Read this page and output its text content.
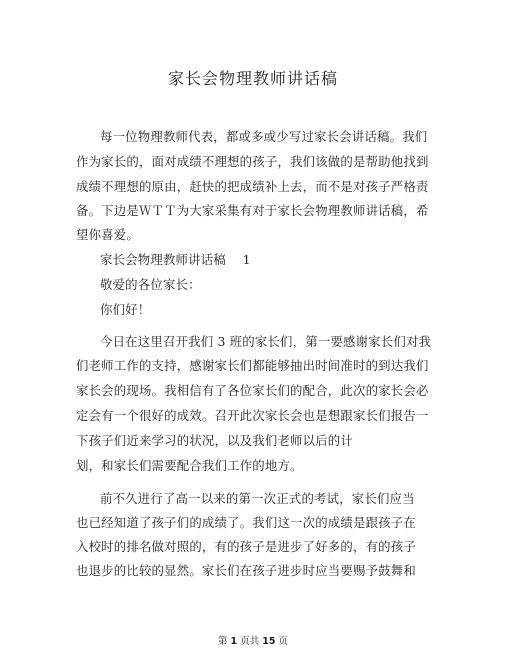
家长会物理教师讲话稿
每一位物理教师代表，都或多或少写过家长会讲话稿。我们
作为家长的，面对成绩不理想的孩子，我们该做的是帮助他找到
成绩不理想的原由，赶快的把成绩补上去，而不是对孩子严格责
备。下边是ＷＴＴ为大家采集有对于家长会物理教师讲话稿，希
望你喜爱。
家长会物理教师讲话稿　 1
敬爱的各位家长：
你们好！
今日在这里召开我们 3 班的家长们，第一要感谢家长们对我
们老师工作的支持，感谢家长们都能够抽出时间准时的到达我们
家长会的现场。我相信有了各位家长们的配合，此次的家长会必
定会有一个很好的成效。召开此次家长会也是想跟家长们报告一
下孩子们近来学习的状况，以及我们老师以后的计
划，和家长们需要配合我们工作的地方。
前不久进行了高一以来的第一次正式的考试，家长们应当
也已经知道了孩子们的成绩了。我们这一次的成绩是跟孩子在
入校时的排名做对照的，有的孩子是进步了好多的，有的孩子
也退步的比较的显然。家长们在孩子进步时应当要赐予鼓舞和
第 1 页共 15 页
